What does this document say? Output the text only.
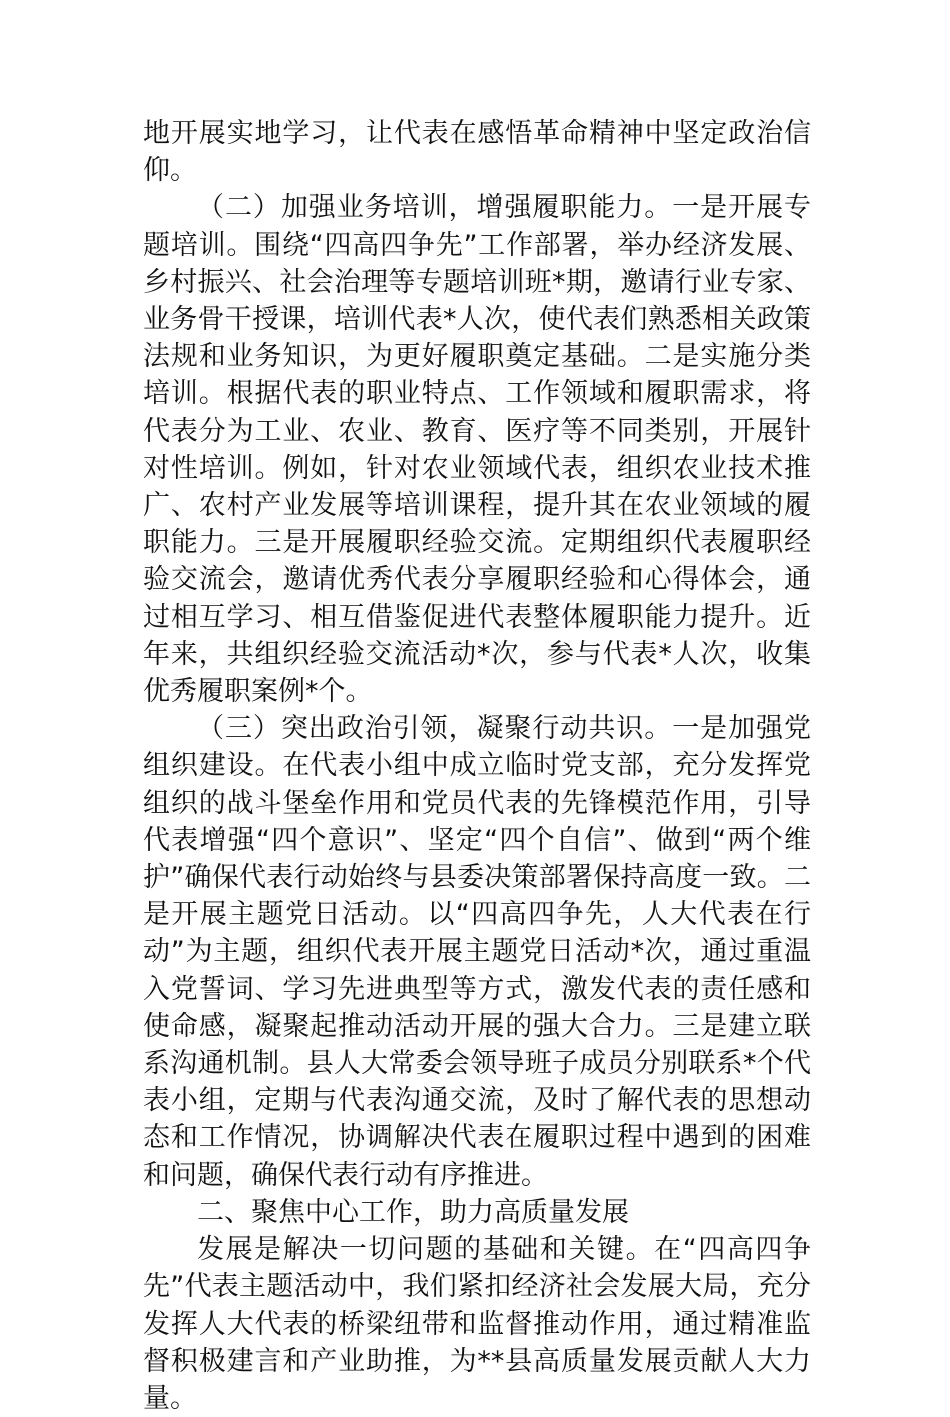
地开展实地学习，让代表在感悟革命精神中坚定政治信仰。

（二）加强业务培训，增强履职能力。一是开展专题培训。围绕“四高四争先”工作部署，举办经济发展、乡村振兴、社会治理等专题培训班*期，邀请行业专家、业务骨干授课，培训代表*人次，使代表们熟悉相关政策法规和业务知识，为更好履职奠定基础。二是实施分类培训。根据代表的职业特点、工作领域和履职需求，将代表分为工业、农业、教育、医疗等不同类别，开展针对性培训。例如，针对农业领域代表，组织农业技术推广、农村产业发展等培训课程，提升其在农业领域的履职能力。三是开展履职经验交流。定期组织代表履职经验交流会，邀请优秀代表分享履职经验和心得体会，通过相互学习、相互借鉴促进代表整体履职能力提升。近年来，共组织经验交流活动*次，参与代表*人次，收集优秀履职案例*个。

（三）突出政治引领，凝聚行动共识。一是加强党组织建设。在代表小组中成立临时党支部，充分发挥党组织的战斗堡垒作用和党员代表的先锋模范作用，引导代表增强“四个意识”、坚定“四个自信”、做到“两个维护”确保代表行动始终与县委决策部署保持高度一致。二是开展主题党日活动。以“四高四争先，人大代表在行动”为主题，组织代表开展主题党日活动*次，通过重温入党誓词、学习先进典型等方式，激发代表的责任感和使命感，凝聚起推动活动开展的强大合力。三是建立联系沟通机制。县人大常委会领导班子成员分别联系*个代表小组，定期与代表沟通交流，及时了解代表的思想动态和工作情况，协调解决代表在履职过程中遇到的困难和问题，确保代表行动有序推进。

二、聚焦中心工作，助力高质量发展

发展是解决一切问题的基础和关键。在“四高四争先”代表主题活动中，我们紧扣经济社会发展大局，充分发挥人大代表的桥梁纽带和监督推动作用，通过精准监督积极建言和产业助推，为**县高质量发展贡献人大力量。
